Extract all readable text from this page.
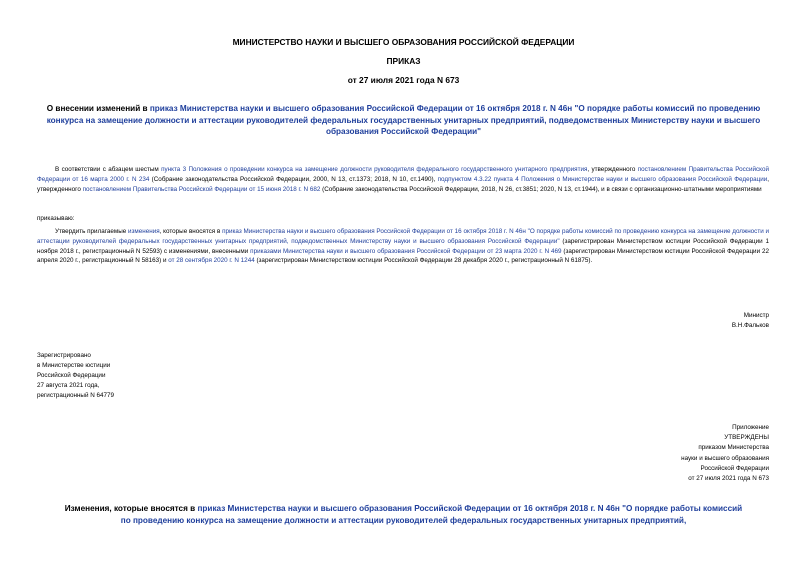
МИНИСТЕРСТВО НАУКИ И ВЫСШЕГО ОБРАЗОВАНИЯ РОССИЙСКОЙ ФЕДЕРАЦИИ
ПРИКАЗ
от 27 июля 2021 года N 673
О внесении изменений в приказ Министерства науки и высшего образования Российской Федерации от 16 октября 2018 г. N 46н "О порядке работы комиссий по проведению конкурса на замещение должности и аттестации руководителей федеральных государственных унитарных предприятий, подведомственных Министерству науки и высшего образования Российской Федерации"
В соответствии с абзацем шестым пункта 3 Положения о проведении конкурса на замещение должности руководителя федерального государственного унитарного предприятия, утвержденного постановлением Правительства Российской Федерации от 16 марта 2000 г. N 234 (Собрание законодательства Российской Федерации, 2000, N 13, ст.1373; 2018, N 10, ст.1490), подпунктом 4.3.22 пункта 4 Положения о Министерстве науки и высшего образования Российской Федерации, утвержденного постановлением Правительства Российской Федерации от 15 июня 2018 г. N 682 (Собрание законодательства Российской Федерации, 2018, N 26, ст.3851; 2020, N 13, ст.1944), и в связи с организационно-штатными мероприятиями
приказываю:
Утвердить прилагаемые изменения, которые вносятся в приказ Министерства науки и высшего образования Российской Федерации от 16 октября 2018 г. N 46н "О порядке работы комиссий по проведению конкурса на замещение должности и аттестации руководителей федеральных государственных унитарных предприятий, подведомственных Министерству науки и высшего образования Российской Федерации" (зарегистрирован Министерством юстиции Российской Федерации 1 ноября 2018 г., регистрационный N 52593) с изменениями, внесенными приказами Министерства науки и высшего образования Российской Федерации от 23 марта 2020 г. N 469 (зарегистрирован Министерством юстиции Российской Федерации 22 апреля 2020 г., регистрационный N 58163) и от 28 сентября 2020 г. N 1244 (зарегистрирован Министерством юстиции Российской Федерации 28 декабря 2020 г., регистрационный N 61875).
Министр
В.Н.Фальков
Зарегистрировано
в Министерстве юстиции
Российской Федерации
27 августа 2021 года,
регистрационный N 64779
Приложение
УТВЕРЖДЕНЫ
приказом Министерства
науки и высшего образования
Российской Федерации
от 27 июля 2021 года N 673
Изменения, которые вносятся в приказ Министерства науки и высшего образования Российской Федерации от 16 октября 2018 г. N 46н "О порядке работы комиссий по проведению конкурса на замещение должности и аттестации руководителей федеральных государственных унитарных предприятий,
